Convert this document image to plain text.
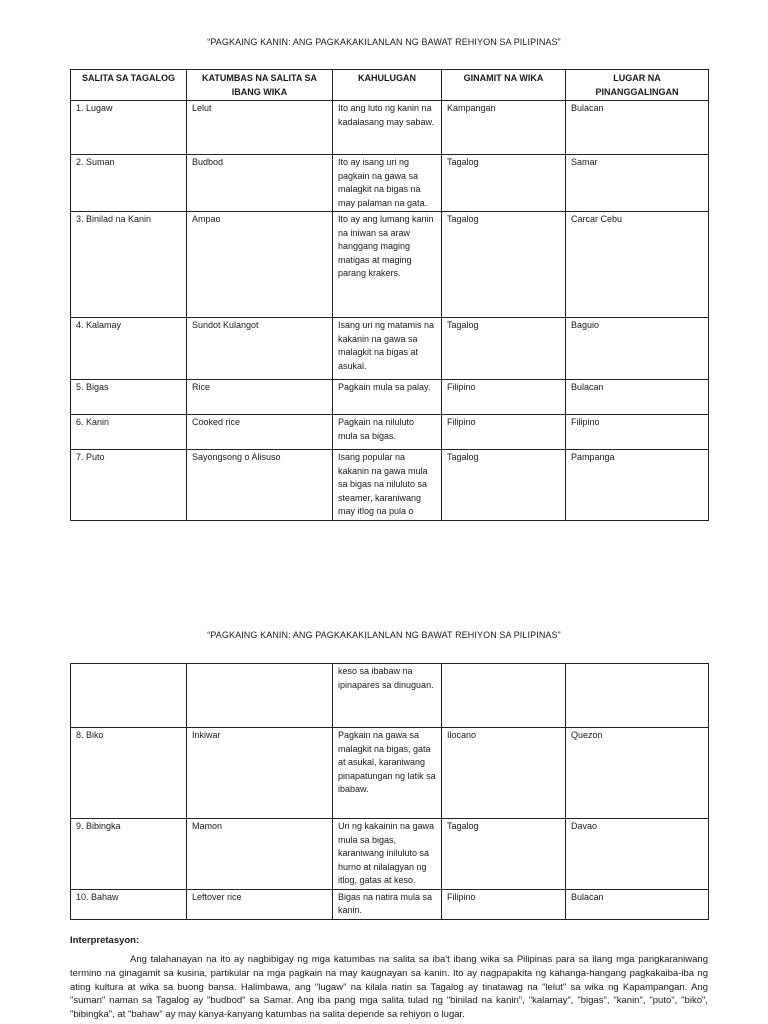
“PAGKAING KANIN: ANG PAGKAKAKILANLAN NG BAWAT REHIYON SA PILIPINAS”
SALITA SA TAGALOG	KATUMBAS NA SALITA SA IBANG WIKA	KAHULUGAN	GINAMIT NA WIKA	LUGAR NA PINANGGALINGAN
1. Lugaw	Lelut	Ito ang luto ng kanin na kadalasang may sabaw.	Kampangan	Bulacan
2. Suman	Budbod	Ito ay isang uri ng pagkain na gawa sa malagkit na bigas na may palaman na gata.	Tagalog	Samar
3. Binilad na Kanin	Ampao	Ito ay ang lumang kanin na iniwan sa araw hanggang maging matigas at maging parang krakers.	Tagalog	Carcar Cebu
4. Kalamay	Sundot Kulangot	Isang uri ng matamis na kakanin na gawa sa malagkit na bigas at asukal.	Tagalog	Baguio
5. Bigas	Rice	Pagkain mula sa palay.	Filipino	Bulacan
6. Kanin	Cooked rice	Pagkain na niluluto mula sa bigas.	Filipino	Filipino
7. Puto	Sayongsong o Alisuso	Isang popular na kakanin na gawa mula sa bigas na niluluto sa steamer, karaniwang may itlog na pula o	Tagalog	Pampanga
“PAGKAING KANIN: ANG PAGKAKAKILANLAN NG BAWAT REHIYON SA PILIPINAS”
		keso sa ibabaw na ipinapares sa dinuguan.		
8. Biko	Inkiwar	Pagkain na gawa sa malagkit na bigas, gata at asukal, karaniwang pinapatungan ng latik sa ibabaw.	Ilocano	Quezon
9. Bibingka	Mamon	Uri ng kakainin na gawa mula sa bigas, karaniwang iniluluto sa hurno at nilalagyan ng itlog, gatas at keso.	Tagalog	Davao
10. Bahaw	Leftover rice	Bigas na natira mula sa kanin.	Filipino	Bulacan
Interpretasyon:

Ang talahanayan na ito ay nagbibigay ng mga katumbas na salita sa iba't ibang wika sa Pilipinas para sa ilang mga pangkaraniwang termino na ginagamit sa kusina, partikular na mga pagkain na may kaugnayan sa kanin. Ito ay nagpapakita ng kahanga-hangang pagkakaiba-iba ng ating kultura at wika sa buong bansa. Halimbawa, ang "lugaw" na kilala natin sa Tagalog ay tinatawag na "lelut" sa wika ng Kapampangan. Ang "suman" naman sa Tagalog ay "budbod" sa Samar. Ang iba pang mga salita tulad ng "binilad na kanin", "kalamay", "bigas", "kanin", "puto", "biko", "bibingka", at "bahaw" ay may kanya-kanyang katumbas na salita depende sa rehiyon o lugar.
